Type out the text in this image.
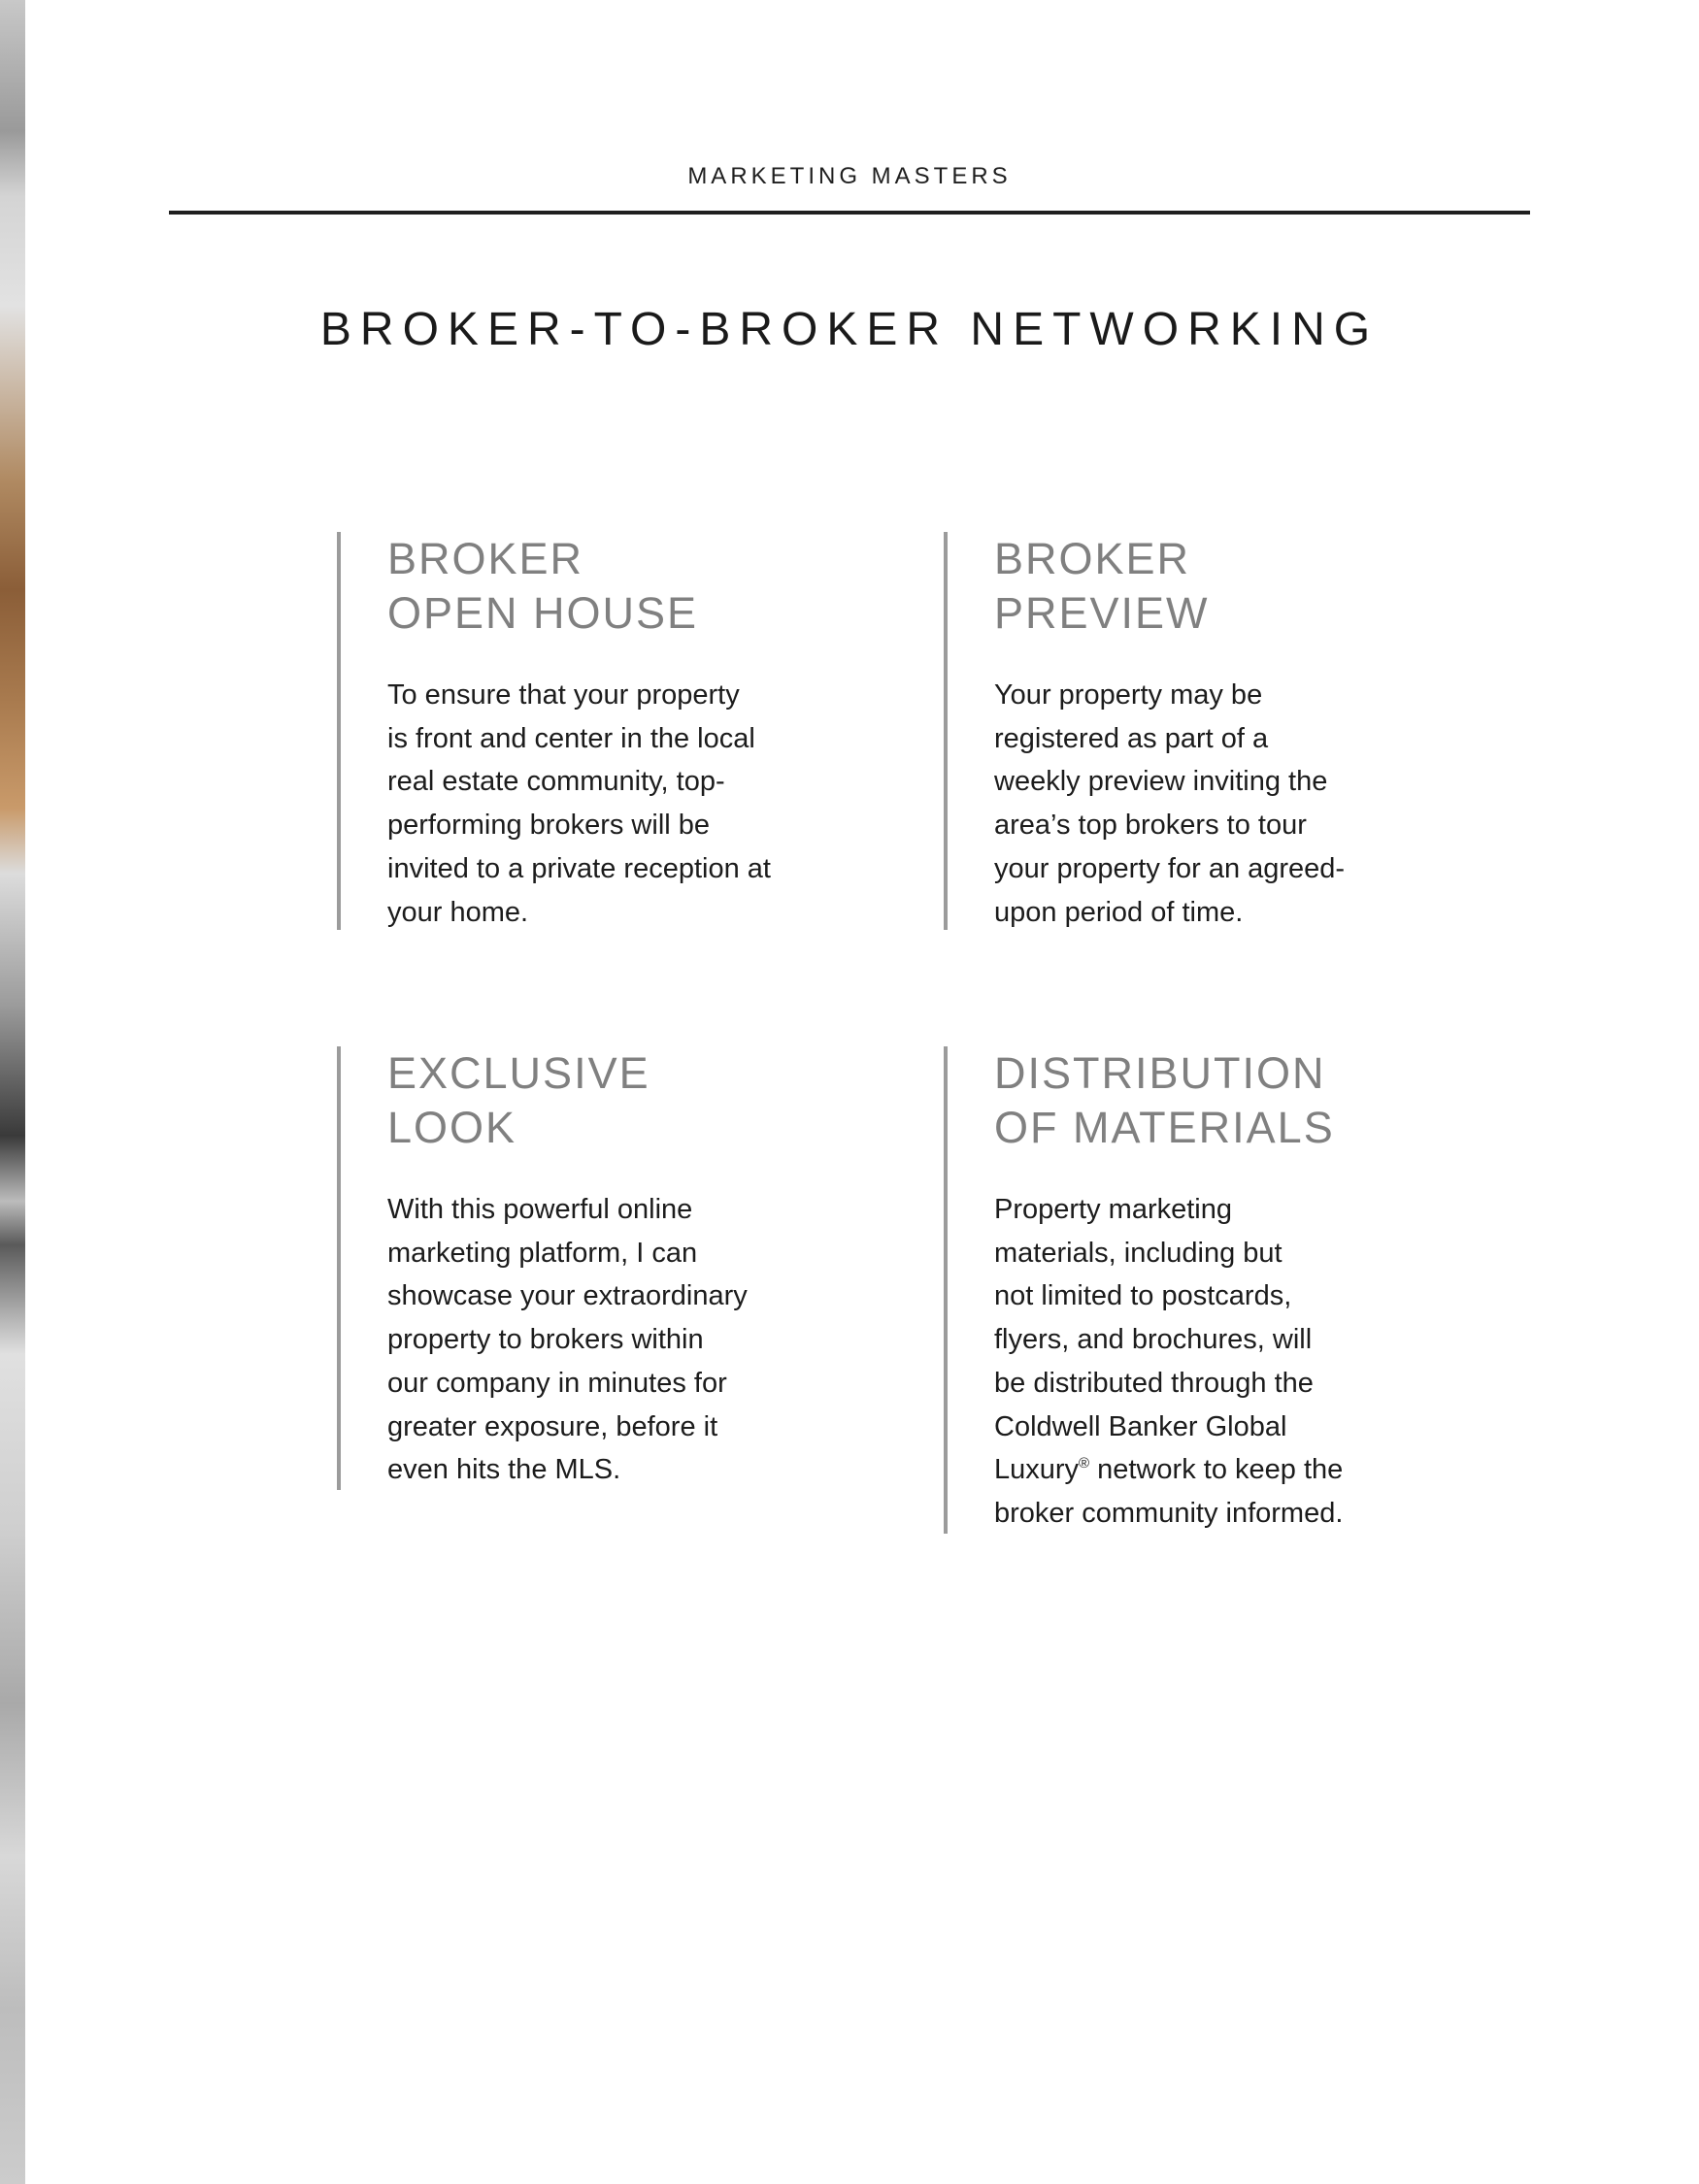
MARKETING MASTERS
BROKER-TO-BROKER NETWORKING
BROKER
OPEN HOUSE

To ensure that your property
is front and center in the local
real estate community, top-
performing brokers will be
invited to a private reception at
your home.

BROKER
PREVIEW

Your property may be
registered as part of a
weekly preview inviting the
area’s top brokers to tour
your property for an agreed-
upon period of time.

EXCLUSIVE
LOOK

With this powerful online
marketing platform, I can
showcase your extraordinary
property to brokers within
our company in minutes for
greater exposure, before it
even hits the MLS.

DISTRIBUTION
OF MATERIALS

Property marketing
materials, including but
not limited to postcards,
flyers, and brochures, will
be distributed through the
Coldwell Banker Global
Luxury® network to keep the
broker community informed.
